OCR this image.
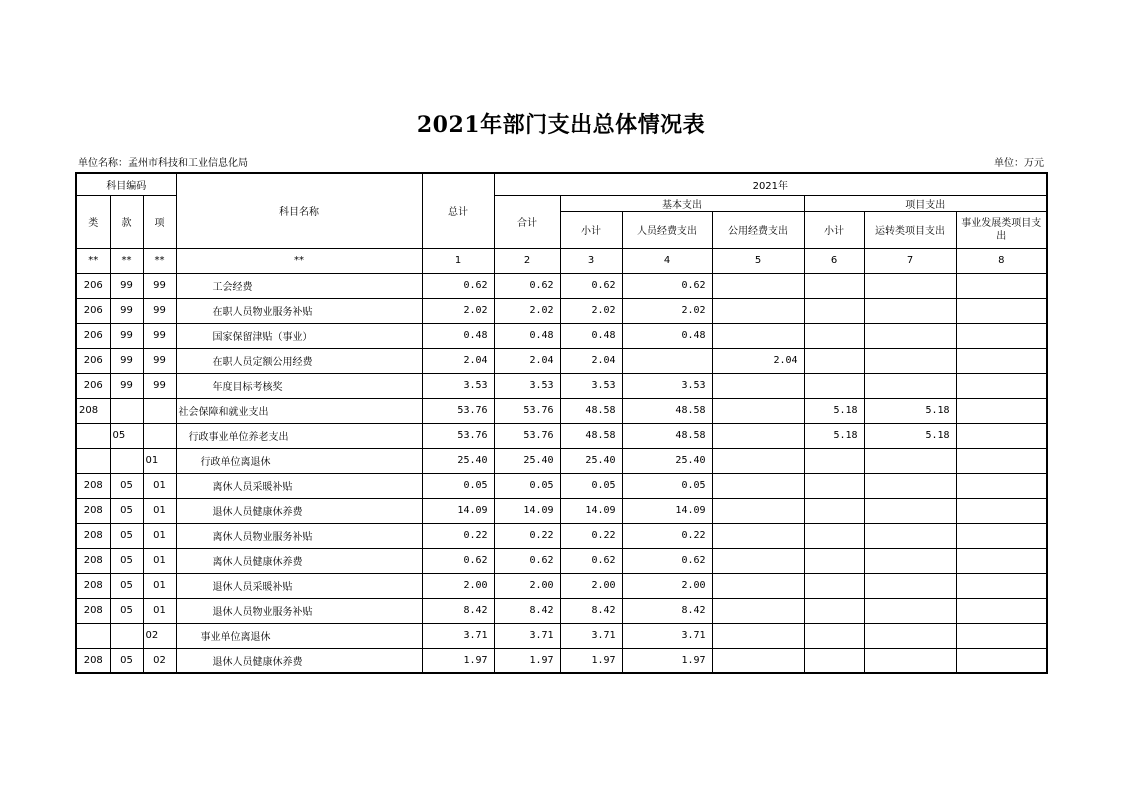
2021年部门支出总体情况表
单位名称：孟州市科技和工业信息化局	单位：万元
科目编码			科目名称	总计	2021年						
类	款	项			合计	基本支出			项目支出		
						小计	人员经费支出	公用经费支出	小计	运转类项目支出	事业发展类项目支出
**	**	**	**	1	2	3	4	5	6	7	8
206	99	99	工会经费	0.62	0.62	0.62	0.62				
206	99	99	在职人员物业服务补贴	2.02	2.02	2.02	2.02				
206	99	99	国家保留津贴（事业）	0.48	0.48	0.48	0.48				
206	99	99	在职人员定额公用经费	2.04	2.04	2.04		2.04			
206	99	99	年度目标考核奖	3.53	3.53	3.53	3.53				
208			社会保障和就业支出	53.76	53.76	48.58	48.58		5.18	5.18	
	05		行政事业单位养老支出	53.76	53.76	48.58	48.58		5.18	5.18	
		01	行政单位离退休	25.40	25.40	25.40	25.40				
208	05	01	离休人员采暖补贴	0.05	0.05	0.05	0.05				
208	05	01	退休人员健康休养费	14.09	14.09	14.09	14.09				
208	05	01	离休人员物业服务补贴	0.22	0.22	0.22	0.22				
208	05	01	离休人员健康休养费	0.62	0.62	0.62	0.62				
208	05	01	退休人员采暖补贴	2.00	2.00	2.00	2.00				
208	05	01	退休人员物业服务补贴	8.42	8.42	8.42	8.42				
		02	事业单位离退休	3.71	3.71	3.71	3.71				
208	05	02	退休人员健康休养费	1.97	1.97	1.97	1.97				
